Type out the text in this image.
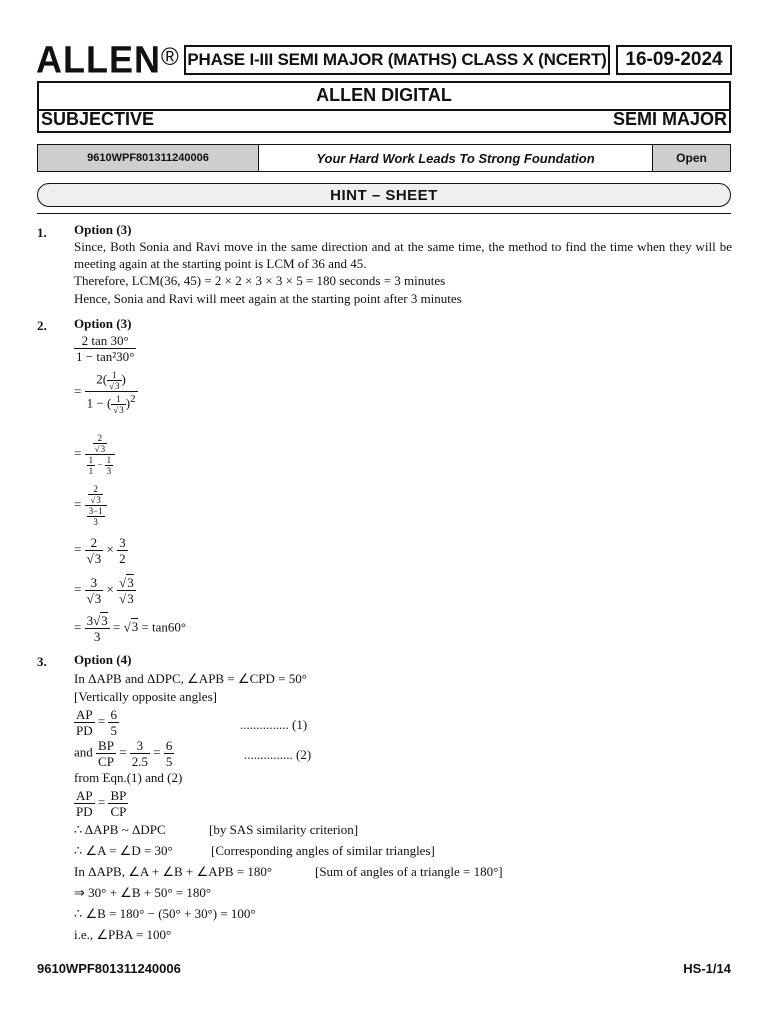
ALLEN® PHASE I-III SEMI MAJOR (MATHS) CLASS X (NCERT) 16-09-2024
ALLEN DIGITAL
SUBJECTIVE	SEMI MAJOR
9610WPF801311240006	Your Hard Work Leads To Strong Foundation	Open
HINT – SHEET
1. Option (3)
Since, Both Sonia and Ravi move in the same direction and at the same time, the method to find the time when they will be meeting again at the starting point is LCM of 36 and 45.
Therefore, LCM(36, 45) = 2 × 2 × 3 × 3 × 5 = 180 seconds = 3 minutes
Hence, Sonia and Ravi will meet again at the starting point after 3 minutes
2. Option (3)
$\frac{2 \tan 30^\circ}{\text{1 − tan²30°}}$
= $\frac{2( \frac{1}{√3} )}{1 - ( \frac{1}{√3} )^2}$
= $\frac{\frac{2}{√3}}{\frac{1}{1} - \frac{1}{3}}$
= $\frac{\frac{2}{√3}}{\frac{3-1}{3}}$
= $\frac{2}{√3} \times \frac{3}{2}$
= $\frac{3}{√3} \times \frac{√3}{√3}$
= $\frac{3√3}{3} = √3 = \tan 60^\circ$
3. Option (4)
In ΔAPB and ΔDPC, ∠APB = ∠CPD = 50°
[Vertically opposite angles]
$\frac{AP}{PD} = \frac{6}{5}$	............... (1)
and $\frac{BP}{CP} = \frac{3}{2.5} = \frac{6}{5}$	............... (2)
from Eqn.(1) and (2)
$\frac{AP}{PD} = \frac{BP}{CP}$
∴ ΔAPB ~ ΔDPC	[by SAS similarity criterion]
∴ ∠A = ∠D = 30°	[Corresponding angles of similar triangles]
In ΔAPB, ∠A + ∠B + ∠APB = 180°	[Sum of angles of a triangle = 180°]
⇒ 30° + ∠B + 50° = 180°
∴ ∠B = 180° − (50° + 30°) = 100°
i.e., ∠PBA = 100°
9610WPF801311240006	HS-1/14
